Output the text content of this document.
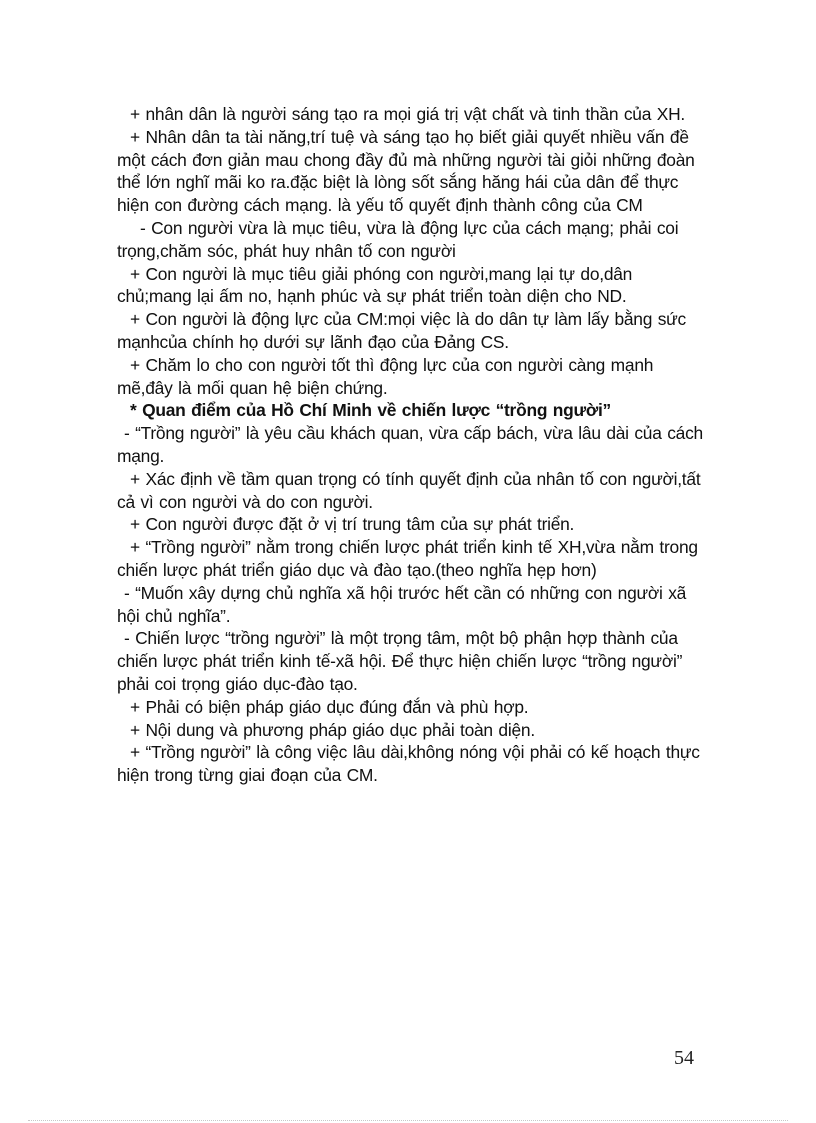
+ nhân dân là người sáng tạo ra mọi giá trị vật chất và tinh thần của XH.

+ Nhân dân ta tài năng,trí tuệ và sáng tạo họ biết giải quyết nhiều vấn đề một cách đơn giản mau chong đầy đủ mà những người tài giỏi những đoàn thể lớn nghĩ mãi ko ra.đặc biệt là lòng sốt sắng hăng hái của dân để thực hiện con đường cách mạng. là yếu tố quyết định thành công của CM

- Con người vừa là mục tiêu, vừa là động lực của cách mạng; phải coi trọng,chăm sóc, phát huy nhân tố con người

+ Con người là mục tiêu giải phóng con người,mang lại tự do,dân chủ;mang lại ấm no, hạnh phúc và sự phát triển toàn diện cho ND.

+ Con người là động lực của CM:mọi việc là do dân tự làm lấy bằng sức mạnhcủa chính họ dưới sự lãnh đạo của Đảng CS.

+ Chăm lo cho con người tốt thì động lực của con người càng mạnh mẽ,đây là mối quan hệ biện chứng.

* Quan điểm của Hồ Chí Minh về chiến lược “trồng người”

- “Trồng người” là yêu cầu khách quan, vừa cấp bách, vừa lâu dài của cách mạng.

+ Xác định về tầm quan trọng có tính quyết định của nhân tố con người,tất cả vì con người và do con người.

+ Con người được đặt ở vị trí trung tâm của sự phát triển.

+ “Trồng người” nằm trong chiến lược phát triển kinh tế XH,vừa nằm trong chiến lược phát triển giáo dục và đào tạo.(theo nghĩa hẹp hơn)

- “Muốn xây dựng chủ nghĩa xã hội trước hết cần có những con người xã hội chủ nghĩa”.

- Chiến lược “trồng người” là một trọng tâm, một bộ phận hợp thành của chiến lược phát triển kinh tế-xã hội. Để thực hiện chiến lược “trồng người” phải coi trọng giáo dục-đào tạo.

+ Phải có biện pháp giáo dục đúng đắn và phù hợp.

+ Nội dung và phương pháp giáo dục phải toàn diện.

+ “Trồng người” là công việc lâu dài,không nóng vội phải có kế hoạch thực hiện trong từng giai đoạn của CM.

54
